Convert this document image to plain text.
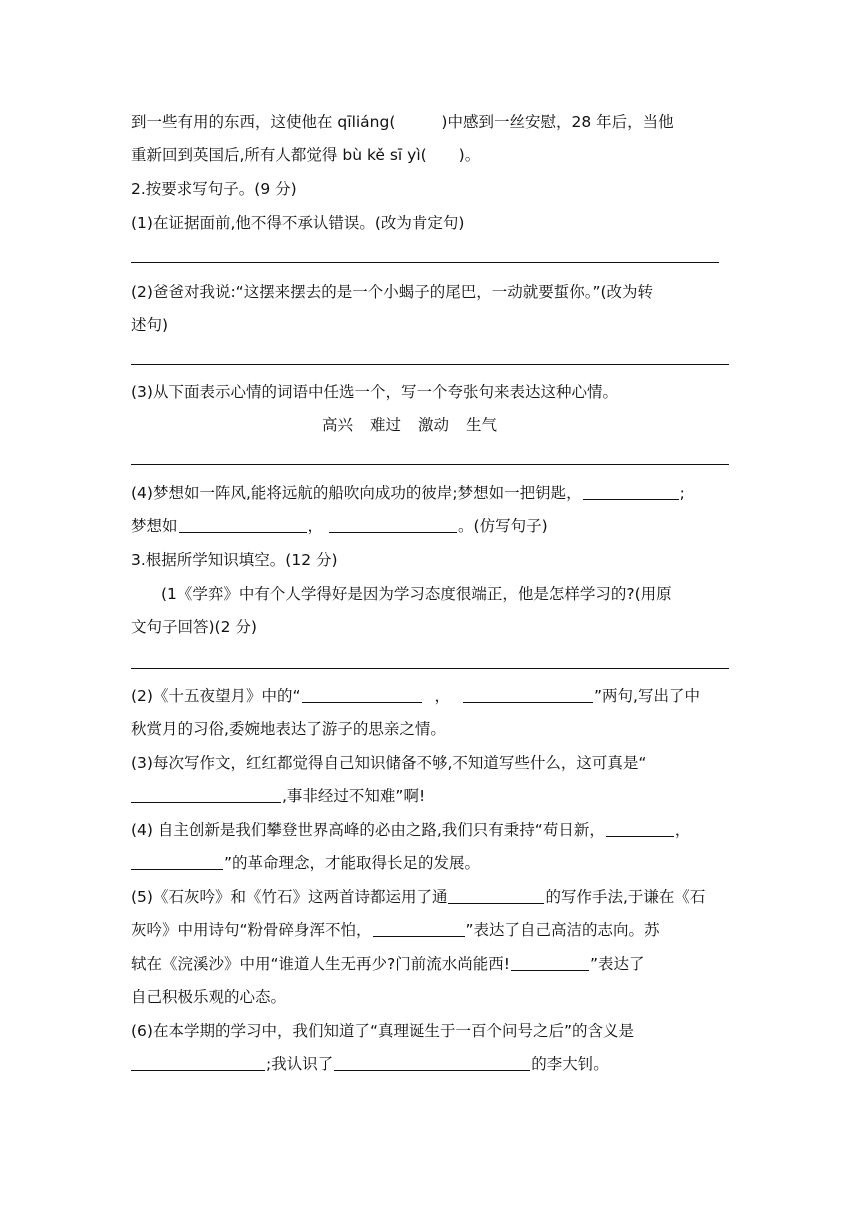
到一些有用的东西，这使他在 qīliáng(	)中感到一丝安慰，28 年后，当他
重新回到英国后,所有人都觉得 bù kě sī yì( )。
2.按要求写句子。(9 分)
(1)在证据面前,他不得不承认错误。(改为肯定句)
(2)爸爸对我说:“这摆来摆去的是一个小蝎子的尾巴，一动就要蜇你。”(改为转
述句)
(3)从下面表示心情的词语中任选一个，写一个夸张句来表达这种心情。
高兴 难过 激动 生气
(4)梦想如一阵风,能将远航的船吹向成功的彼岸;梦想如一把钥匙，	;
梦想如	，	。(仿写句子)
3.根据所学知识填空。(12 分)
(1《学弈》中有个人学得好是因为学习态度很端正，他是怎样学习的?(用原
文句子回答)(2 分)
(2)《十五夜望月》中的“	，	”两句,写出了中
秋赏月的习俗,委婉地表达了游子的思亲之情。
(3)每次写作文，红红都觉得自己知识储备不够,不知道写些什么，这可真是“
,事非经过不知难”啊!
(4) 自主创新是我们攀登世界高峰的必由之路,我们只有秉持“苟日新，	，
”的革命理念，才能取得长足的发展。
(5)《石灰吟》和《竹石》这两首诗都运用了通	的写作手法,于谦在《石
灰吟》中用诗句“粉骨碎身浑不怕，	”表达了自己高洁的志向。苏
轼在《浣溪沙》中用“谁道人生无再少?门前流水尚能西!	”表达了
自己积极乐观的心态。
(6)在本学期的学习中，我们知道了“真理诞生于一百个问号之后”的含义是
;我认识了	的李大钊。
